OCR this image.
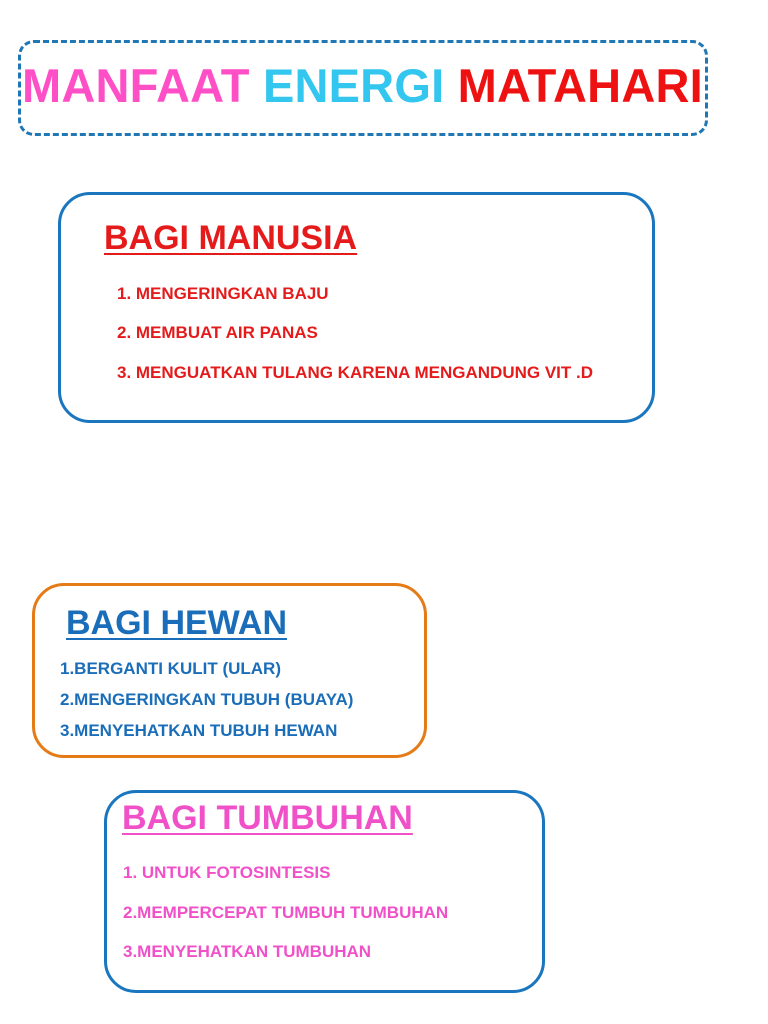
MANFAAT ENERGI MATAHARI
BAGI MANUSIA

1. MENGERINGKAN BAJU

2. MEMBUAT AIR PANAS

3. MENGUATKAN TULANG KARENA MENGANDUNG VIT .D

BAGI HEWAN

1.BERGANTI KULIT (ULAR)

2.MENGERINGKAN TUBUH (BUAYA)

3.MENYEHATKAN TUBUH HEWAN

BAGI TUMBUHAN

1. UNTUK FOTOSINTESIS

2.MEMPERCEPAT TUMBUH TUMBUHAN

3.MENYEHATKAN TUMBUHAN
